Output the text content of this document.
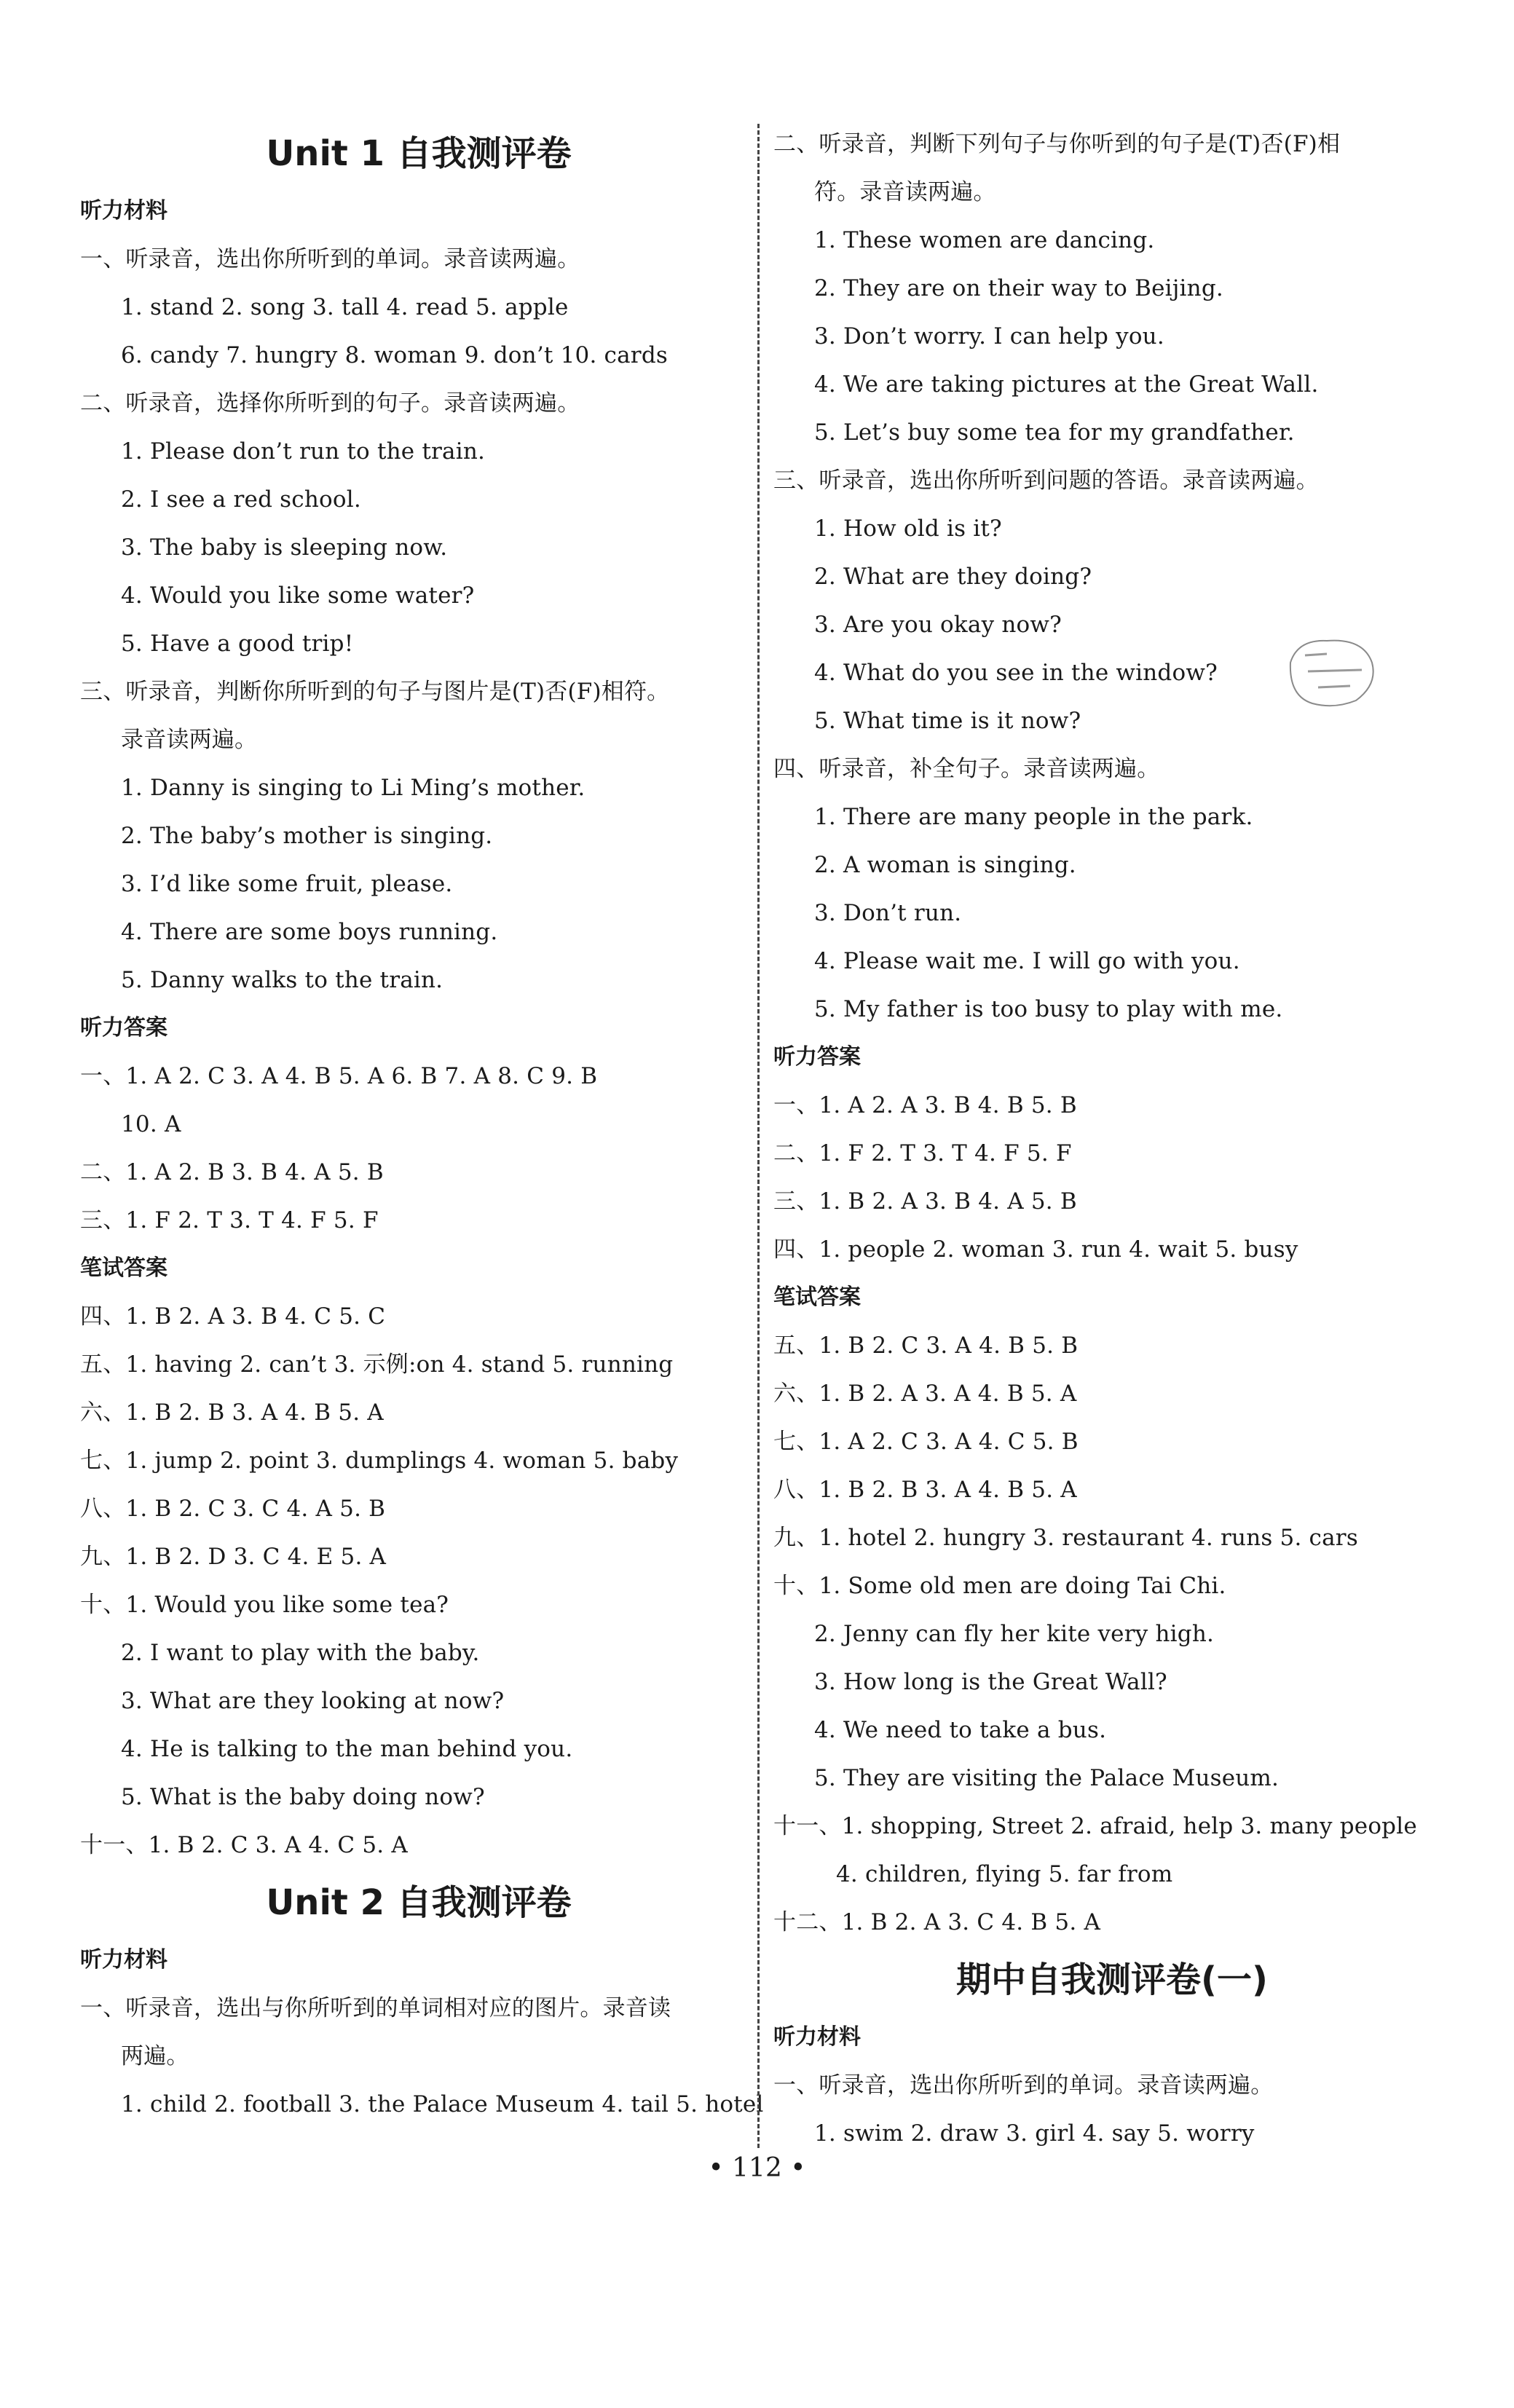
Unit 1 自我测评卷
听力材料
一、听录音，选出你所听到的单词。录音读两遍。
1. stand 2. song 3. tall 4. read 5. apple
6. candy 7. hungry 8. woman 9. don’t 10. cards
二、听录音，选择你所听到的句子。录音读两遍。
1. Please don’t run to the train.
2. I see a red school.
3. The baby is sleeping now.
4. Would you like some water?
5. Have a good trip!
三、听录音，判断你所听到的句子与图片是(T)否(F)相符。
录音读两遍。
1. Danny is singing to Li Ming’s mother.
2. The baby’s mother is singing.
3. I’d like some fruit, please.
4. There are some boys running.
5. Danny walks to the train.
听力答案
一、1. A 2. C 3. A 4. B 5. A 6. B 7. A 8. C 9. B
10. A
二、1. A 2. B 3. B 4. A 5. B
三、1. F 2. T 3. T 4. F 5. F
笔试答案
四、1. B 2. A 3. B 4. C 5. C
五、1. having 2. can’t 3. 示例:on 4. stand 5. running
六、1. B 2. B 3. A 4. B 5. A
七、1. jump 2. point 3. dumplings 4. woman 5. baby
八、1. B 2. C 3. C 4. A 5. B
九、1. B 2. D 3. C 4. E 5. A
十、1. Would you like some tea?
2. I want to play with the baby.
3. What are they looking at now?
4. He is talking to the man behind you.
5. What is the baby doing now?
十一、1. B 2. C 3. A 4. C 5. A
Unit 2 自我测评卷
听力材料
一、听录音，选出与你所听到的单词相对应的图片。录音读
两遍。
1. child 2. football 3. the Palace Museum 4. tail 5. hotel
二、听录音，判断下列句子与你听到的句子是(T)否(F)相
符。录音读两遍。
1. These women are dancing.
2. They are on their way to Beijing.
3. Don’t worry. I can help you.
4. We are taking pictures at the Great Wall.
5. Let’s buy some tea for my grandfather.
三、听录音，选出你所听到问题的答语。录音读两遍。
1. How old is it?
2. What are they doing?
3. Are you okay now?
4. What do you see in the window?
5. What time is it now?
四、听录音，补全句子。录音读两遍。
1. There are many people in the park.
2. A woman is singing.
3. Don’t run.
4. Please wait me. I will go with you.
5. My father is too busy to play with me.
听力答案
一、1. A 2. A 3. B 4. B 5. B
二、1. F 2. T 3. T 4. F 5. F
三、1. B 2. A 3. B 4. A 5. B
四、1. people 2. woman 3. run 4. wait 5. busy
笔试答案
五、1. B 2. C 3. A 4. B 5. B
六、1. B 2. A 3. A 4. B 5. A
七、1. A 2. C 3. A 4. C 5. B
八、1. B 2. B 3. A 4. B 5. A
九、1. hotel 2. hungry 3. restaurant 4. runs 5. cars
十、1. Some old men are doing Tai Chi.
2. Jenny can fly her kite very high.
3. How long is the Great Wall?
4. We need to take a bus.
5. They are visiting the Palace Museum.
十一、1. shopping, Street 2. afraid, help 3. many people
4. children, flying 5. far from
十二、1. B 2. A 3. C 4. B 5. A
期中自我测评卷(一)
听力材料
一、听录音，选出你所听到的单词。录音读两遍。
1. swim 2. draw 3. girl 4. say 5. worry
• 112 •
